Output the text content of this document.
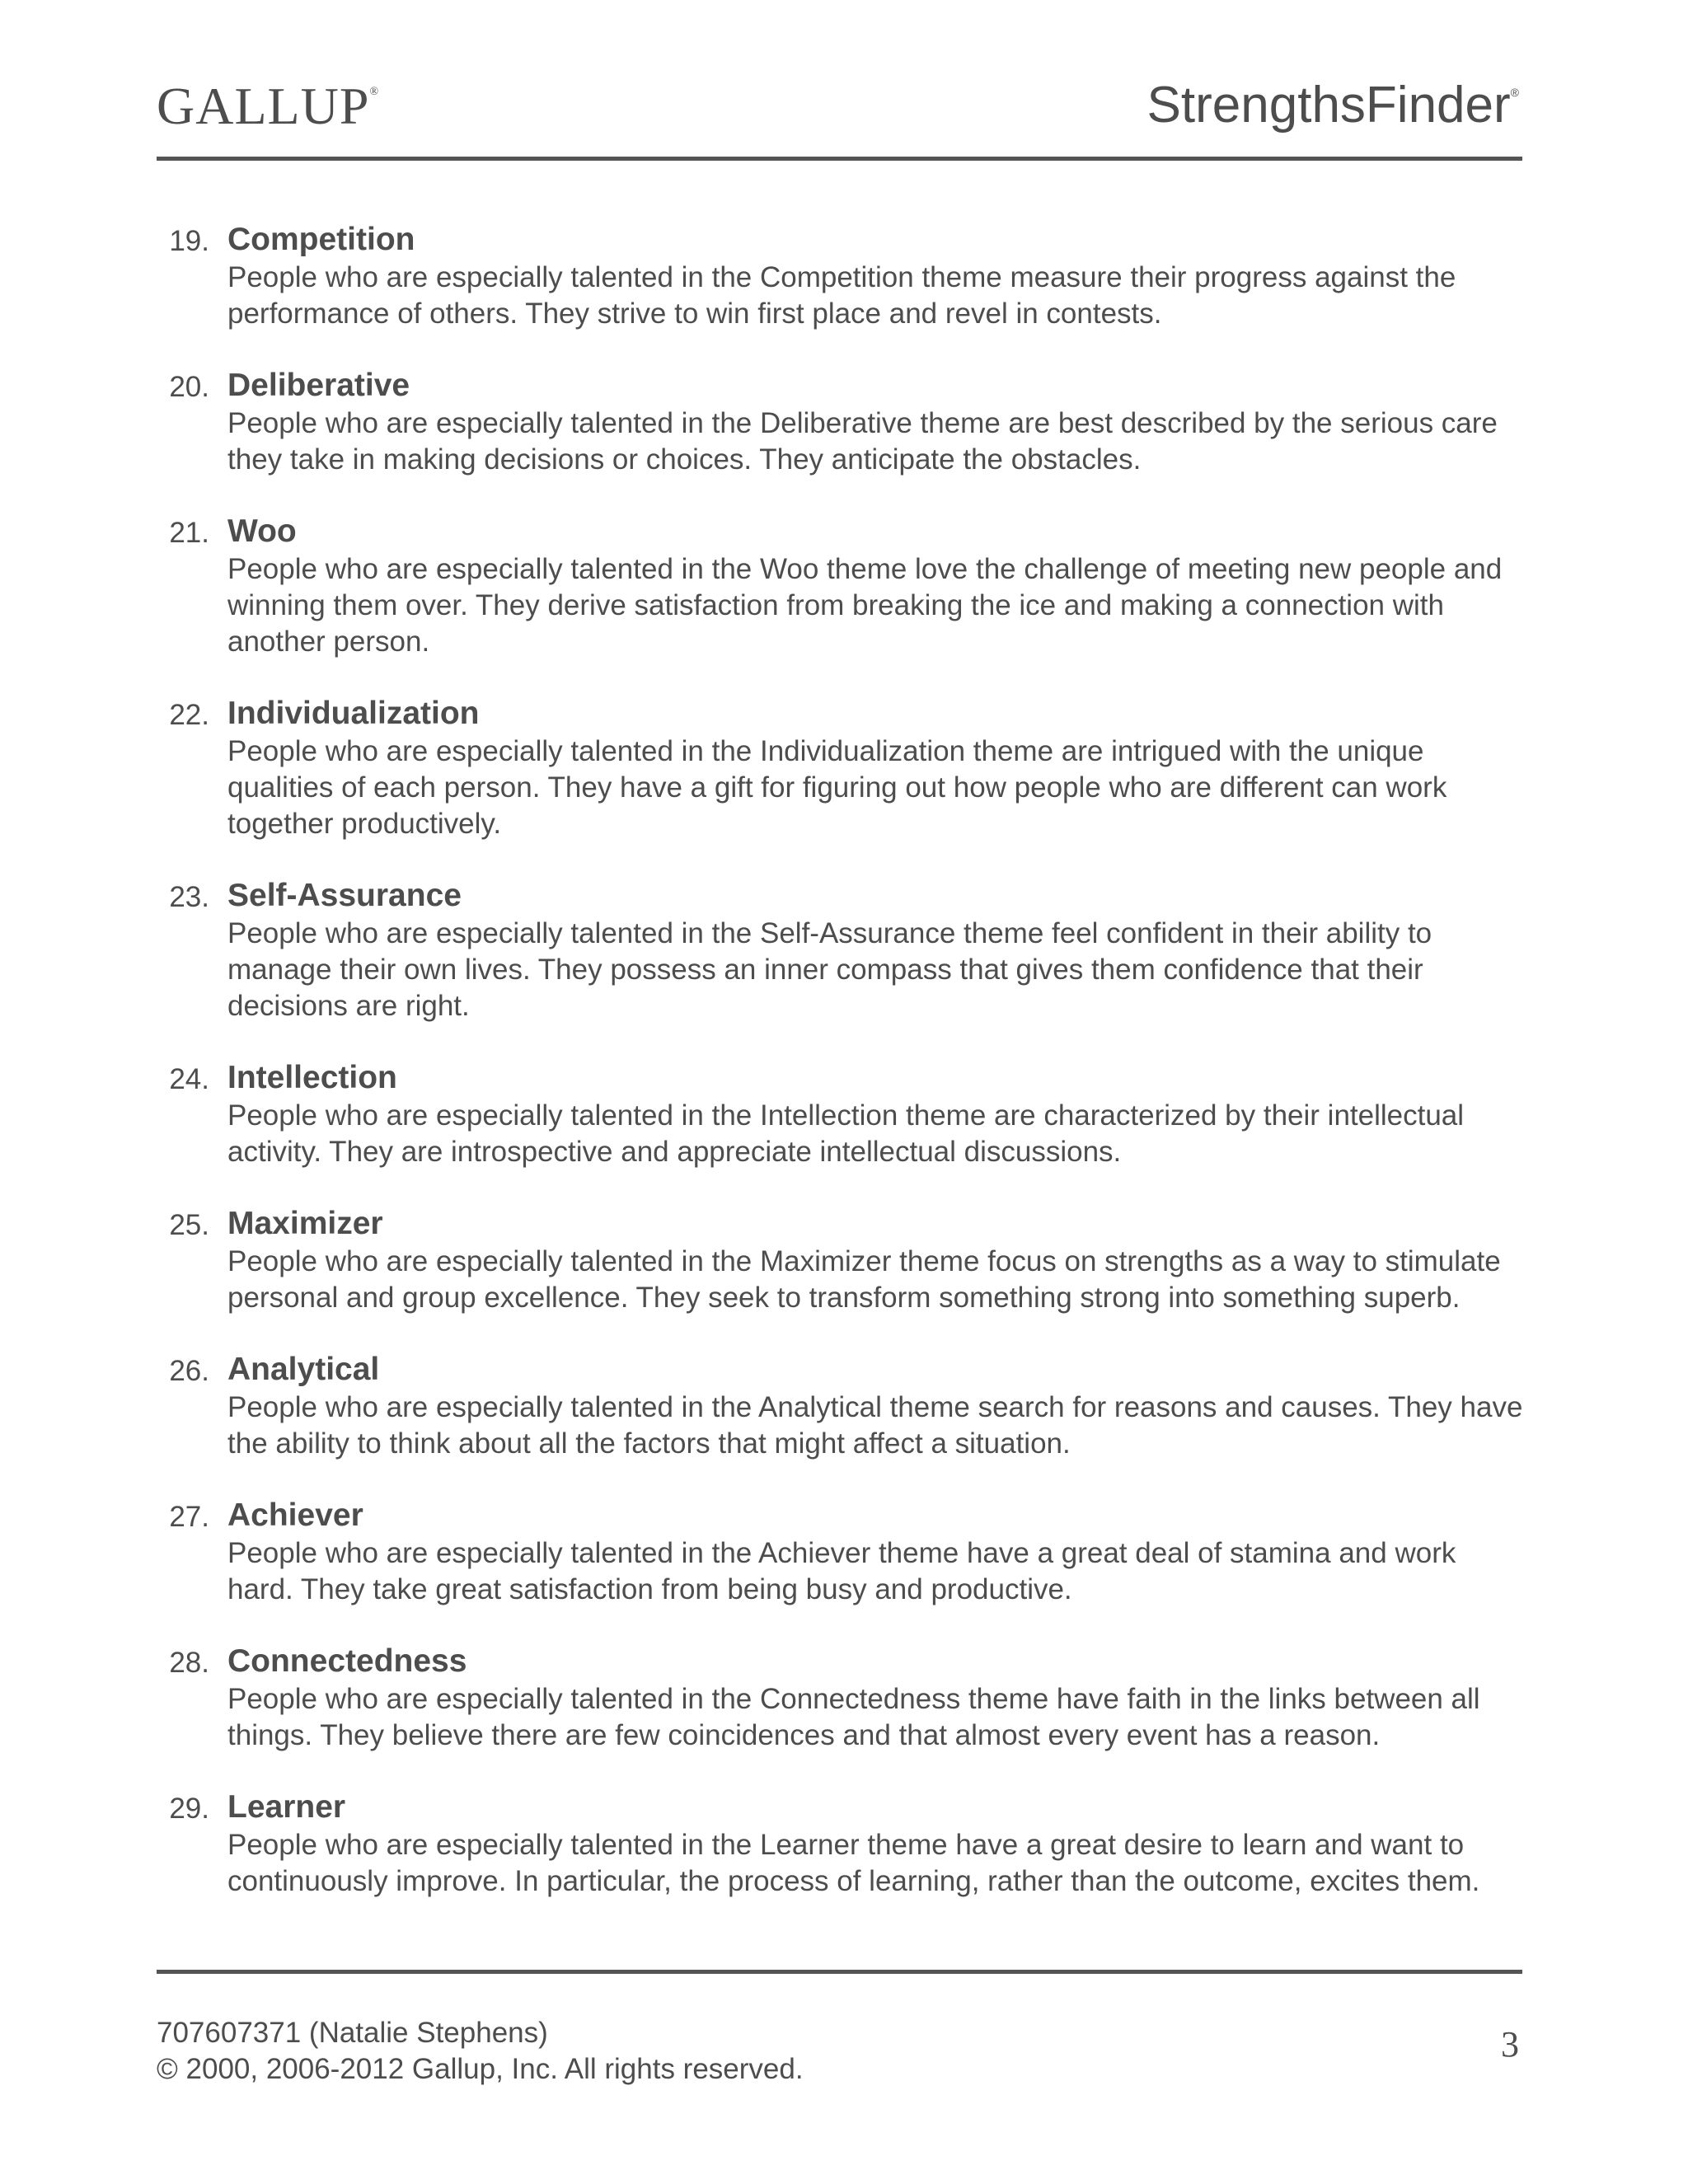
GALLUP®	StrengthsFinder®
19. Competition
People who are especially talented in the Competition theme measure their progress against the performance of others. They strive to win first place and revel in contests.
20. Deliberative
People who are especially talented in the Deliberative theme are best described by the serious care they take in making decisions or choices. They anticipate the obstacles.
21. Woo
People who are especially talented in the Woo theme love the challenge of meeting new people and winning them over. They derive satisfaction from breaking the ice and making a connection with another person.
22. Individualization
People who are especially talented in the Individualization theme are intrigued with the unique qualities of each person. They have a gift for figuring out how people who are different can work together productively.
23. Self-Assurance
People who are especially talented in the Self-Assurance theme feel confident in their ability to manage their own lives. They possess an inner compass that gives them confidence that their decisions are right.
24. Intellection
People who are especially talented in the Intellection theme are characterized by their intellectual activity. They are introspective and appreciate intellectual discussions.
25. Maximizer
People who are especially talented in the Maximizer theme focus on strengths as a way to stimulate personal and group excellence. They seek to transform something strong into something superb.
26. Analytical
People who are especially talented in the Analytical theme search for reasons and causes. They have the ability to think about all the factors that might affect a situation.
27. Achiever
People who are especially talented in the Achiever theme have a great deal of stamina and work hard. They take great satisfaction from being busy and productive.
28. Connectedness
People who are especially talented in the Connectedness theme have faith in the links between all things. They believe there are few coincidences and that almost every event has a reason.
29. Learner
People who are especially talented in the Learner theme have a great desire to learn and want to continuously improve. In particular, the process of learning, rather than the outcome, excites them.
707607371 (Natalie Stephens)
© 2000, 2006-2012 Gallup, Inc. All rights reserved.
3
